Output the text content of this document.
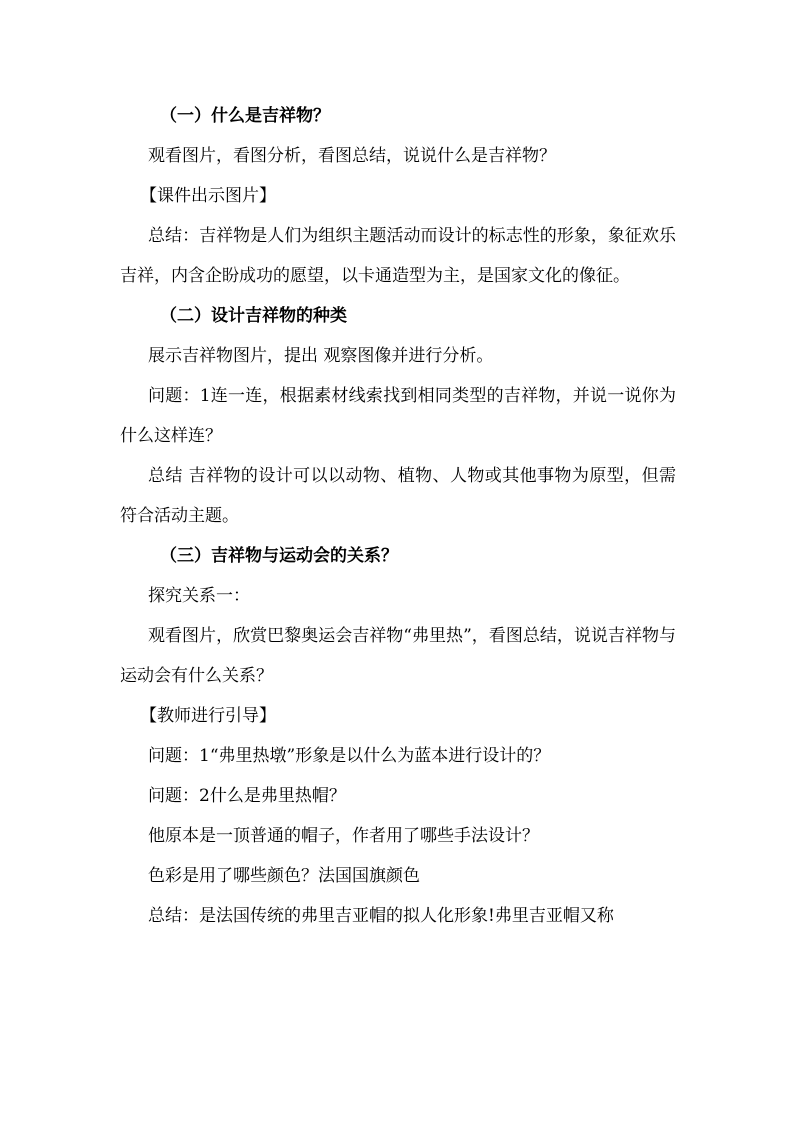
（一）什么是吉祥物？

观看图片，看图分析，看图总结，说说什么是吉祥物？

【课件出示图片】

总结：吉祥物是人们为组织主题活动而设计的标志性的形象，象征欢乐吉祥，内含企盼成功的愿望，以卡通造型为主，是国家文化的像征。

（二）设计吉祥物的种类

展示吉祥物图片，提出 观察图像并进行分析。

问题：1连一连，根据素材线索找到相同类型的吉祥物，并说一说你为什么这样连？

总结 吉祥物的设计可以以动物、植物、人物或其他事物为原型，但需符合活动主题。

（三）吉祥物与运动会的关系？

探究关系一：

观看图片，欣赏巴黎奥运会吉祥物“弗里热”，看图总结，说说吉祥物与运动会有什么关系？

【教师进行引导】

问题：1“弗里热墩”形象是以什么为蓝本进行设计的？

问题：2什么是弗里热帽？

他原本是一顶普通的帽子，作者用了哪些手法设计？

色彩是用了哪些颜色？法国国旗颜色

总结：是法国传统的弗里吉亚帽的拟人化形象!弗里吉亚帽又称
